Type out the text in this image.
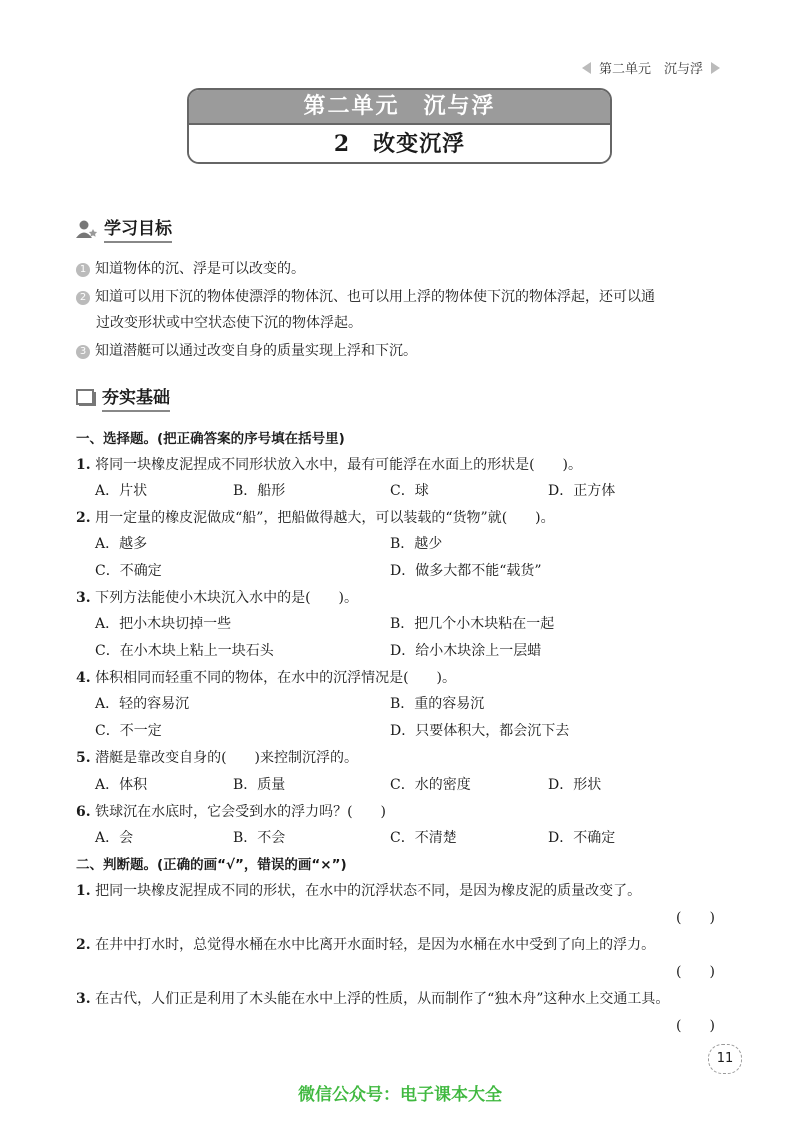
第二单元　沉与浮
第二单元　沉与浮
2　改变沉浮
学习目标
1 知道物体的沉、浮是可以改变的。
2 知道可以用下沉的物体使漂浮的物体沉、也可以用上浮的物体使下沉的物体浮起，还可以通
过改变形状或中空状态使下沉的物体浮起。
3 知道潜艇可以通过改变自身的质量实现上浮和下沉。
夯实基础
一、选择题。(把正确答案的序号填在括号里)
1. 将同一块橡皮泥捏成不同形状放入水中，最有可能浮在水面上的形状是(　　)。
A．片状	B．船形	C．球	D．正方体
2. 用一定量的橡皮泥做成“船”，把船做得越大，可以装载的“货物”就(　　)。
A．越多	B．越少
C．不确定	D．做多大都不能“载货”
3. 下列方法能使小木块沉入水中的是(　　)。
A．把小木块切掉一些	B．把几个小木块粘在一起
C．在小木块上粘上一块石头	D．给小木块涂上一层蜡
4. 体积相同而轻重不同的物体，在水中的沉浮情况是(　　)。
A．轻的容易沉	B．重的容易沉
C．不一定	D．只要体积大，都会沉下去
5. 潜艇是靠改变自身的(　　)来控制沉浮的。
A．体积	B．质量	C．水的密度	D．形状
6. 铁球沉在水底时，它会受到水的浮力吗？(　　)
A．会	B．不会	C．不清楚	D．不确定
二、判断题。(正确的画“√”，错误的画“×”)
1. 把同一块橡皮泥捏成不同的形状，在水中的沉浮状态不同，是因为橡皮泥的质量改变了。
(　　)
2. 在井中打水时，总觉得水桶在水中比离开水面时轻，是因为水桶在水中受到了向上的浮力。
(　　)
3. 在古代，人们正是利用了木头能在水中上浮的性质，从而制作了“独木舟”这种水上交通工具。
(　　)
11
微信公众号：电子课本大全
